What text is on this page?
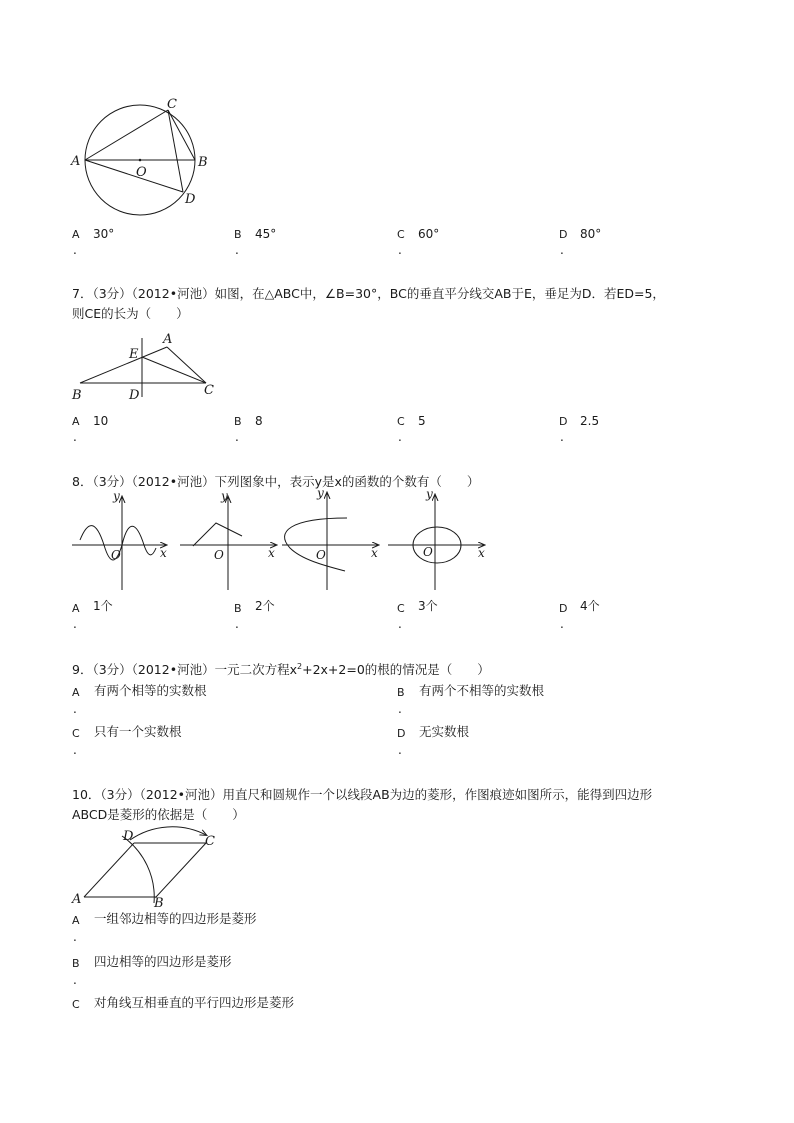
A	B
C
D
O
A 30°
.
B 45°
.
C 60°
.
D 80°
.
7．（3分）（2012•河池）如图，在△ABC中，∠B=30°，BC的垂直平分线交AB于E，垂足为D．若ED=5，
则CE的长为（　　）
A
B	C
D
E
A 10
.
B 8
.
C 5
.
D 2.5
.
8．（3分）（2012•河池）下列图象中，表示y是x的函数的个数有（　　）
y
x
O
y
x
O
y
x
O
y
x
O
A 1个
.
B 2个
.
C 3个
.
D 4个
.
9．（3分）（2012•河池）一元二次方程$x^2+2x+2=0$的根的情况是（　　）
A 有两个相等的实数根
.
B 有两个不相等的实数根
.
C 只有一个实数根
.
D 无实数根
.
10．（3分）（2012•河池）用直尺和圆规作一个以线段AB为边的菱形，作图痕迹如图所示，能得到四边形
ABCD是菱形的依据是（　　）
A	B
C
D
A 一组邻边相等的四边形是菱形
.
B 四边相等的四边形是菱形
.
C 对角线互相垂直的平行四边形是菱形
